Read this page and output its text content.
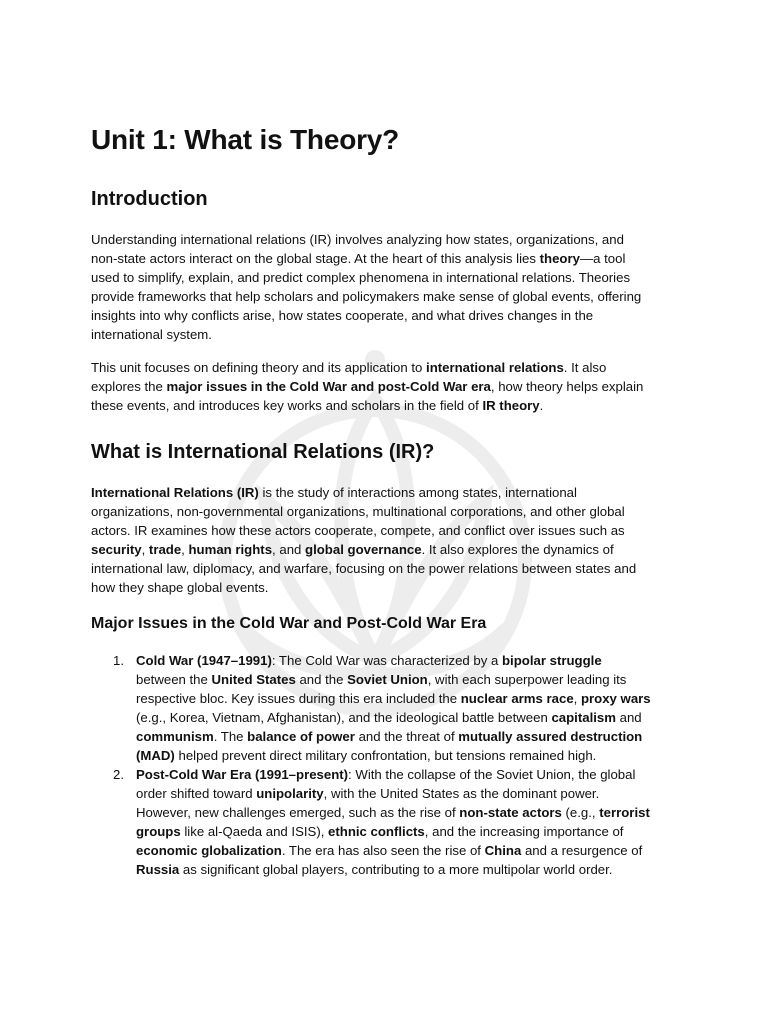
Unit 1: What is Theory?
Introduction
Understanding international relations (IR) involves analyzing how states, organizations, and
non-state actors interact on the global stage. At the heart of this analysis lies theory—a tool
used to simplify, explain, and predict complex phenomena in international relations. Theories
provide frameworks that help scholars and policymakers make sense of global events, offering
insights into why conflicts arise, how states cooperate, and what drives changes in the
international system.
This unit focuses on defining theory and its application to international relations. It also
explores the major issues in the Cold War and post-Cold War era, how theory helps explain
these events, and introduces key works and scholars in the field of IR theory.
What is International Relations (IR)?
International Relations (IR) is the study of interactions among states, international
organizations, non-governmental organizations, multinational corporations, and other global
actors. IR examines how these actors cooperate, compete, and conflict over issues such as
security, trade, human rights, and global governance. It also explores the dynamics of
international law, diplomacy, and warfare, focusing on the power relations between states and
how they shape global events.
Major Issues in the Cold War and Post-Cold War Era
1. Cold War (1947–1991): The Cold War was characterized by a bipolar struggle
between the United States and the Soviet Union, with each superpower leading its
respective bloc. Key issues during this era included the nuclear arms race, proxy wars
(e.g., Korea, Vietnam, Afghanistan), and the ideological battle between capitalism and
communism. The balance of power and the threat of mutually assured destruction
(MAD) helped prevent direct military confrontation, but tensions remained high.
2. Post-Cold War Era (1991–present): With the collapse of the Soviet Union, the global
order shifted toward unipolarity, with the United States as the dominant power.
However, new challenges emerged, such as the rise of non-state actors (e.g., terrorist
groups like al-Qaeda and ISIS), ethnic conflicts, and the increasing importance of
economic globalization. The era has also seen the rise of China and a resurgence of
Russia as significant global players, contributing to a more multipolar world order.
